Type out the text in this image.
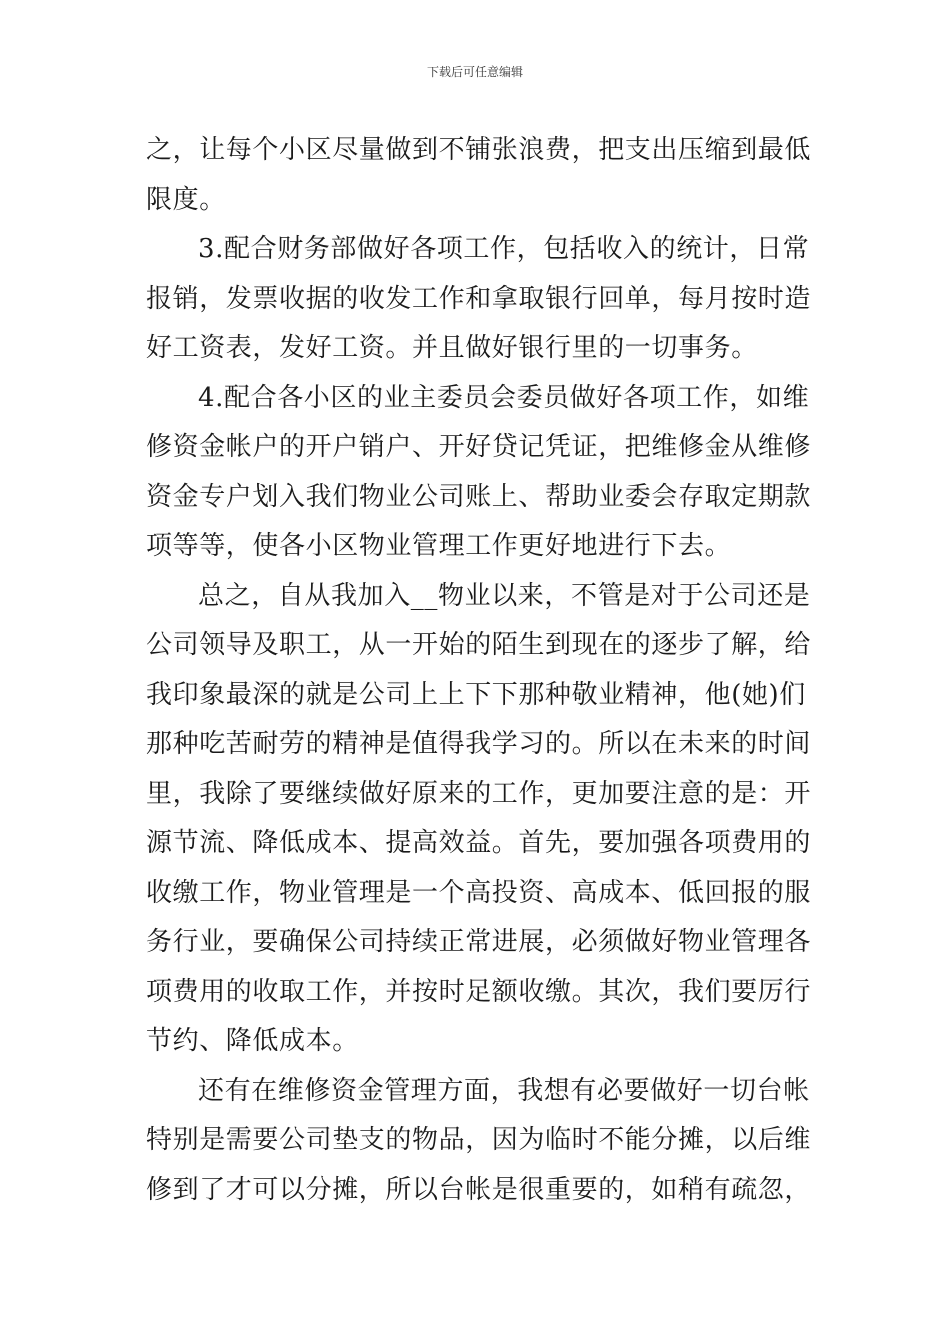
下载后可任意编辑
之，让每个小区尽量做到不铺张浪费，把支出压缩到最低
限度。
3.配合财务部做好各项工作，包括收入的统计，日常
报销，发票收据的收发工作和拿取银行回单，每月按时造
好工资表，发好工资。并且做好银行里的一切事务。
4.配合各小区的业主委员会委员做好各项工作，如维
修资金帐户的开户销户、开好贷记凭证，把维修金从维修
资金专户划入我们物业公司账上、帮助业委会存取定期款
项等等，使各小区物业管理工作更好地进行下去。
总之，自从我加入__物业以来，不管是对于公司还是
公司领导及职工，从一开始的陌生到现在的逐步了解，给
我印象最深的就是公司上上下下那种敬业精神，他(她)们
那种吃苦耐劳的精神是值得我学习的。所以在未来的时间
里，我除了要继续做好原来的工作，更加要注意的是：开
源节流、降低成本、提高效益。首先，要加强各项费用的
收缴工作，物业管理是一个高投资、高成本、低回报的服
务行业，要确保公司持续正常进展，必须做好物业管理各
项费用的收取工作，并按时足额收缴。其次，我们要厉行
节约、降低成本。
还有在维修资金管理方面，我想有必要做好一切台帐
特别是需要公司垫支的物品，因为临时不能分摊，以后维
修到了才可以分摊，所以台帐是很重要的，如稍有疏忽，
